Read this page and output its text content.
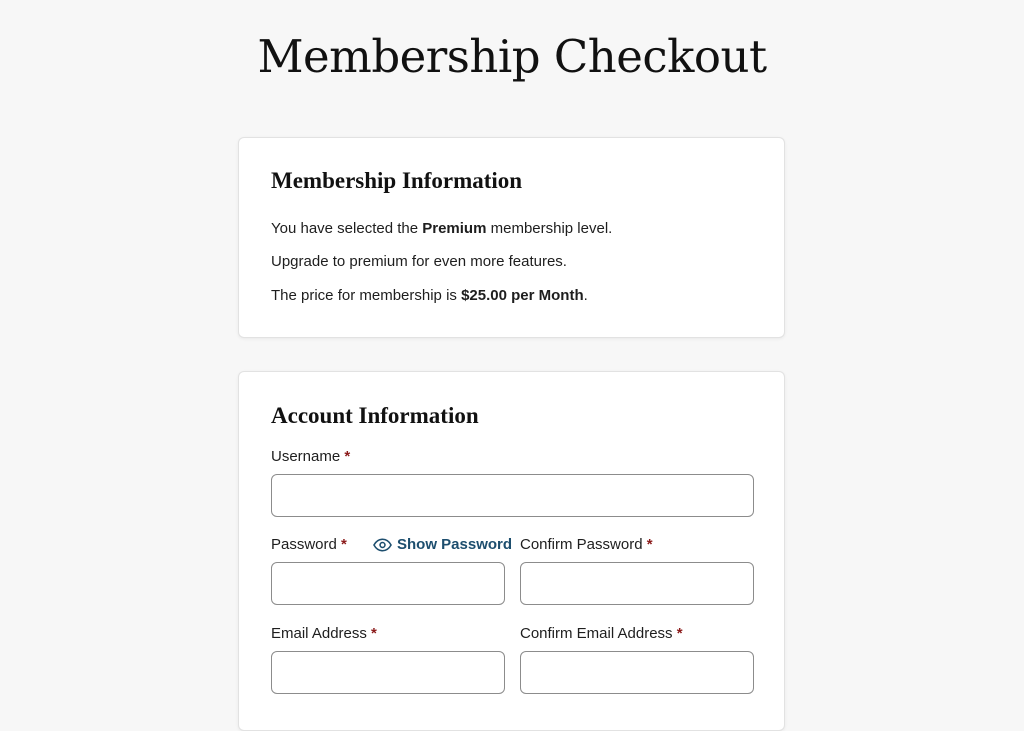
Membership Checkout
Membership Information

You have selected the Premium membership level.

Upgrade to premium for even more features.

The price for membership is $25.00 per Month.

Account Information
Username *
Password *	Show Password Confirm Password *
Email Address *	Confirm Email Address *
